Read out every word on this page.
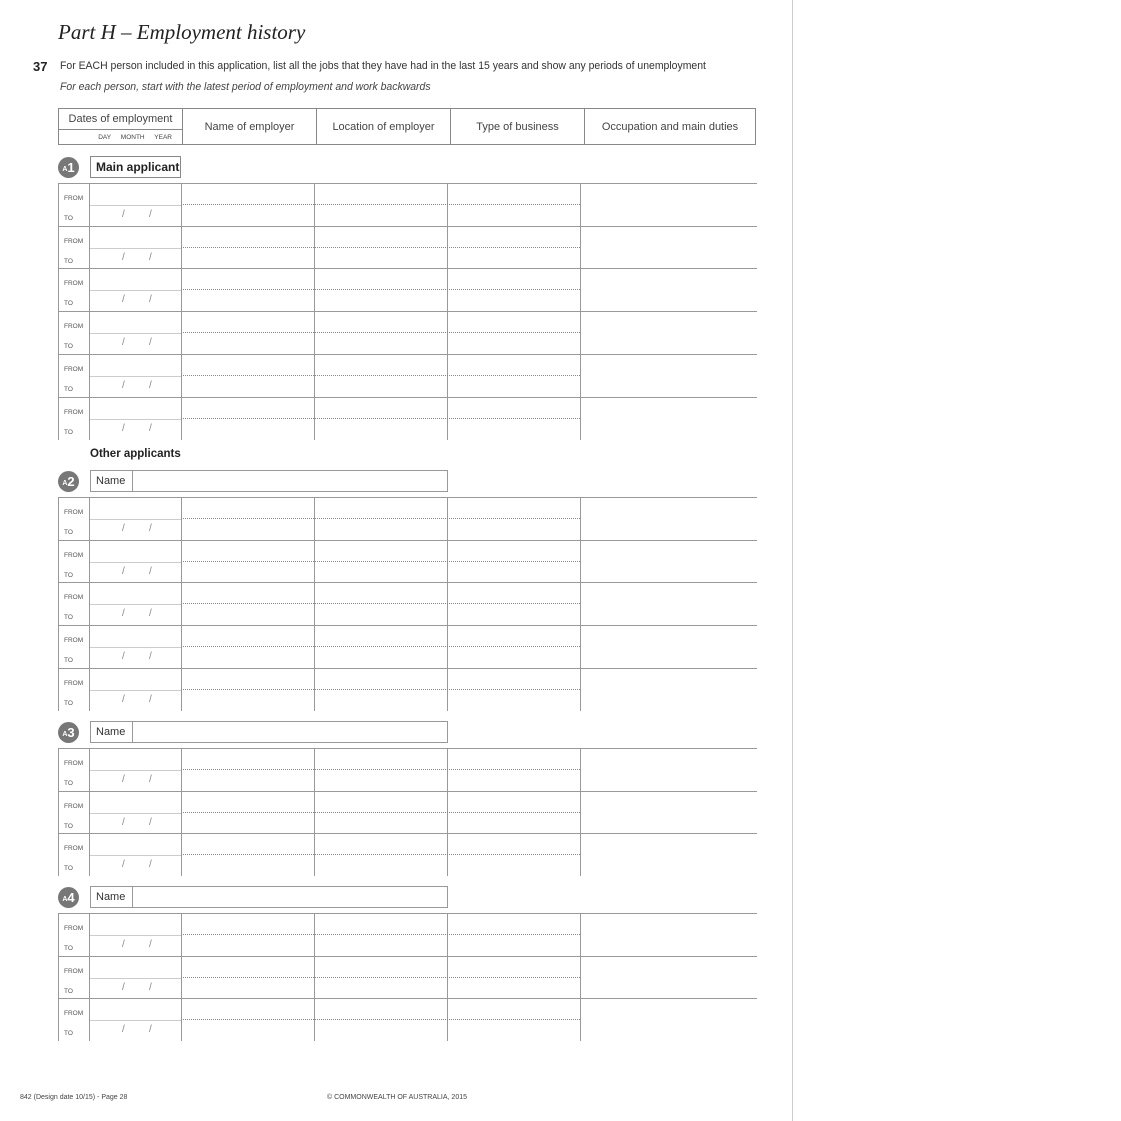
Part H – Employment history
37 For EACH person included in this application, list all the jobs that they have had in the last 15 years and show any periods of unemployment
For each person, start with the latest period of employment and work backwards
Dates of employment
DAY MONTH YEAR
Name of employer	Location of employer	Type of business	Occupation and main duties
Main applicant
Other applicants
A 1
FROM
TO	/ /
FROM
TO	/ /
FROM
TO	/ /
FROM
TO	/ /
FROM
TO	/ /
FROM
TO	/ /
A 2	Name
FROM
TO	/ /
FROM
TO	/ /
FROM
TO	/ /
FROM
TO	/ /
FROM
TO	/ /
A 3	Name
FROM
TO	/ /
FROM
TO	/ /
FROM
TO	/ /
A 4	Name
FROM
TO	/ /
FROM
TO	/ /
FROM
TO	/ /
842 (Design date 10/15) - Page 28	© COMMONWEALTH OF AUSTRALIA, 2015
